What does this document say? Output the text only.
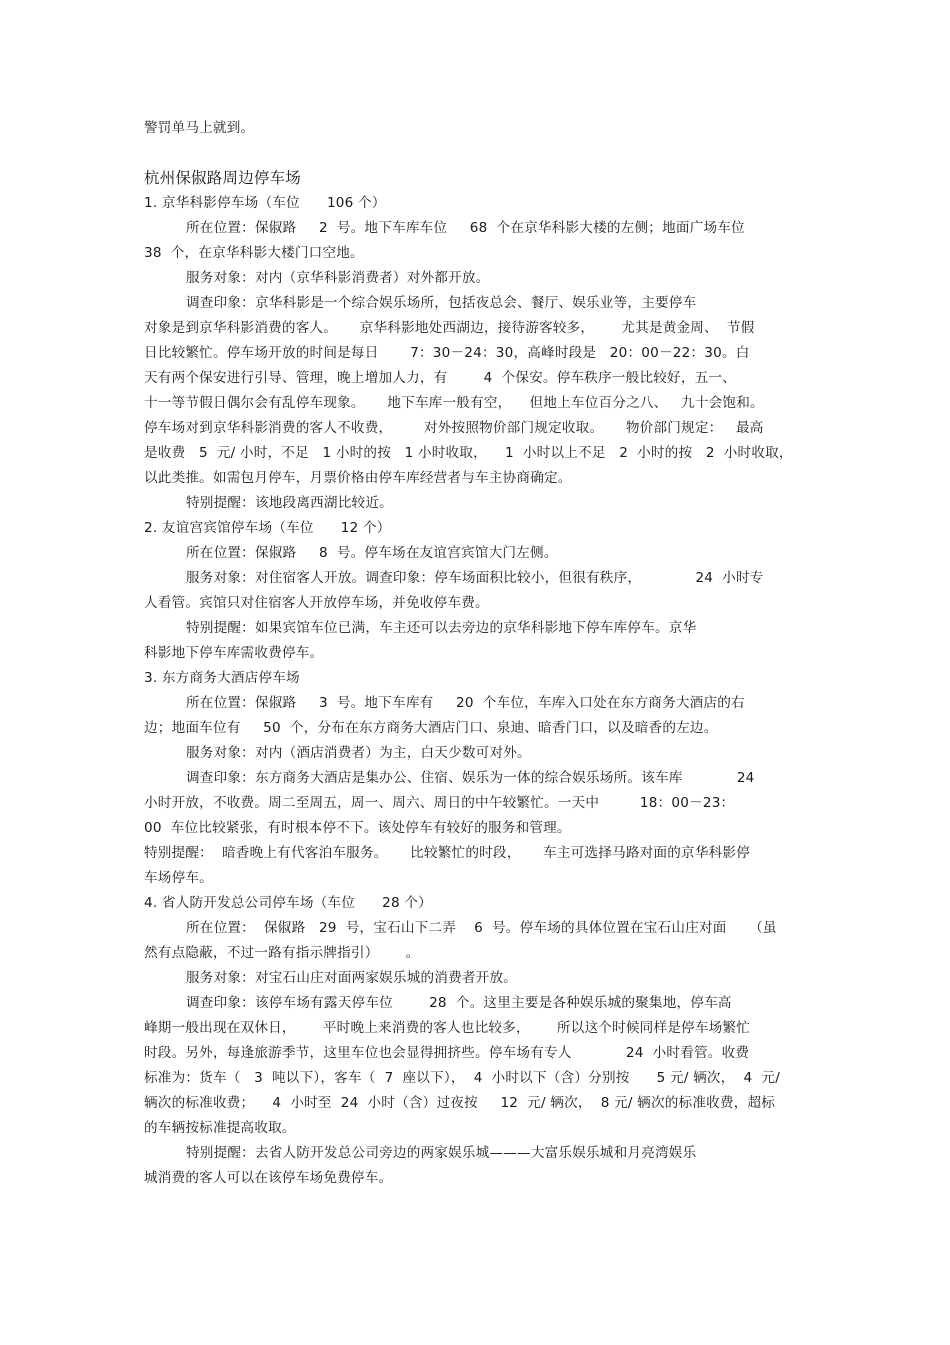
警罚单马上就到。
杭州保俶路周边停车场
1. 京华科影停车场（车位      106 个）
所在位置：保俶路     2  号。地下车库车位     68  个在京华科影大楼的左侧；地面广场车位
38  个，在京华科影大楼门口空地。
服务对象：对内（京华科影消费者）对外都开放。
调查印象：京华科影是一个综合娱乐场所，包括夜总会、餐厅、娱乐业等，主要停车
对象是到京华科影消费的客人。     京华科影地处西湖边，接待游客较多，      尤其是黄金周、  节假
日比较繁忙。停车场开放的时间是每日       7：30－24：30，高峰时段是   20：00－22：30。白
天有两个保安进行引导、管理，晚上增加人力，有        4  个保安。停车秩序一般比较好，五一、
十一等节假日偶尔会有乱停车现象。     地下车库一般有空，    但地上车位百分之八、   九十会饱和。
停车场对到京华科影消费的客人不收费，       对外按照物价部门规定收取。     物价部门规定：   最高
是收费   5  元/ 小时，不足   1 小时的按   1 小时收取，    1  小时以上不足   2  小时的按   2  小时收取，
以此类推。如需包月停车，月票价格由停车库经营者与车主协商确定。
特别提醒：该地段离西湖比较近。
2. 友谊宫宾馆停车场（车位      12 个）
所在位置：保俶路     8  号。停车场在友谊宫宾馆大门左侧。
服务对象：对住宿客人开放。调查印象：停车场面积比较小，但很有秩序，            24  小时专
人看管。宾馆只对住宿客人开放停车场，并免收停车费。
特别提醒：如果宾馆车位已满，车主还可以去旁边的京华科影地下停车库停车。京华
科影地下停车库需收费停车。
3. 东方商务大酒店停车场
所在位置：保俶路     3  号。地下车库有     20  个车位，车库入口处在东方商务大酒店的右
边；地面车位有     50  个，分布在东方商务大酒店门口、泉迪、暗香门口，以及暗香的左边。
服务对象：对内（酒店消费者）为主，白天少数可对外。
调查印象：东方商务大酒店是集办公、住宿、娱乐为一体的综合娱乐场所。该车库            24
小时开放，不收费。周二至周五，周一、周六、周日的中午较繁忙。一天中         18：00－23：
00  车位比较紧张，有时根本停不下。该处停车有较好的服务和管理。
特别提醒：  暗香晚上有代客泊车服务。     比较繁忙的时段，     车主可选择马路对面的京华科影停
车场停车。
4. 省人防开发总公司停车场（车位      28 个）
所在位置：  保俶路   29  号，宝石山下二弄    6  号。停车场的具体位置在宝石山庄对面     （虽
然有点隐蔽，不过一路有指示牌指引）      。
服务对象：对宝石山庄对面两家娱乐城的消费者开放。
调查印象：该停车场有露天停车位        28  个。这里主要是各种娱乐城的聚集地，停车高
峰期一般出现在双休日，      平时晚上来消费的客人也比较多，      所以这个时候同样是停车场繁忙
时段。另外，每逢旅游季节，这里车位也会显得拥挤些。停车场有专人            24  小时看管。收费
标准为：货车（   3  吨以下），客车（  7  座以下），  4  小时以下（含）分别按      5 元/ 辆次，  4  元/
辆次的标准收费；    4  小时至  24  小时（含）过夜按     12  元/ 辆次，  8 元/ 辆次的标准收费，超标
的车辆按标准提高收取。
特别提醒：去省人防开发总公司旁边的两家娱乐城———大富乐娱乐城和月亮湾娱乐
城消费的客人可以在该停车场免费停车。
